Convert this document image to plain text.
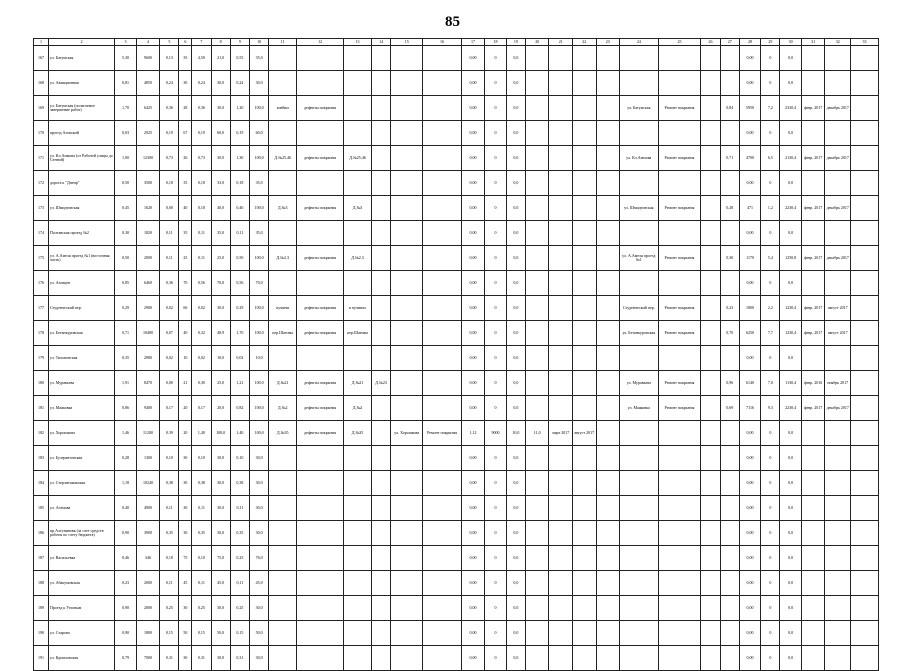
85
1	2	3	4	5	6	7	8	9	10	11	12	13	14	15	16	17	18	19	20	21	22	23	24	25	26	27	28	29	30	31	32	33
167	ул. Батумская	5,30	9600	0,13	35	4,50	21,0	0,55	35,0							0,00	0	0,0									0,00	0	0,0			
168	ул. Авиационная	0,81	4850	0,24	30	0,24	30,0	0,24	30,0							0,00	0	0,0									0,00	0	0,0			
169	ул. Батумская (полагаемое завершение работ)	1,70	6425	0,36	28	0,36	30,0	1,20	100,0	ячейки	дефекты покрытия					0,00	0	0,0					ул. Батумская	Ремонт покрытия		0,84	5950	7,2	2330,4	февр. 2017	декабрь 2017	
170	проезд Азовский	0,03	2925	0,19	67	0,19	60,0	0,19	60,0							0,00	0	0,0									0,00	0	0,0			
171	ул. Кл.Аммова (от Рабочей улицы до Сенной)	1,00	12300	0,73	26	0,73	30,0	1,30	100,0	Д.№25,46	дефекты покрытия	Д.№25,46				0,00	0	0,0					ул. Кл.Аммова	Ремонт покрытия		0,71	4700	6,5	2130,4	февр. 2017	декабрь 2017	
172	дорога к "Днепр"	0,50	3500	0,18	35	0,18	33,0	0,18	35,0							0,00	0	0,0									0,00	0	0,0			
173	ул. Шмидтовская	0,45	1620	0,00	40	0,18	40,0	0,46	100,0	Д.№3	дефекты покрытия	Д.№3				0,00	0	0,0					ул. Шмидтовская	Ремонт покрытия		0,28	471	1,2	2230,4	февр. 2017	декабрь 2017	
174	Полтавская проезд №2	0,30	1820	0,11	35	0,11	35,0	0,11	35,0							0,00	0	0,0									0,00	0	0,0			
175	ул. А.Амеля проезд №1 (восточная часть)	0,50	2000	0,11	25	0,11	25,0	0,50	100,0	Д.№2,3	дефекты покрытия	Д.№2,3				0,00	0	0,0					ул. А.Амеля проезд №1	Ремонт покрытия		0,30	1170	5,4	1250,8	февр. 2017	декабрь 2017	
176	ул. Азовцев	0,85	6460	0,36	70	0,56	70,0	0,56	70,0							0,00	0	0,0									0,00	0	0,0			
177	Студенческий пер.	0,29	2900	0,02	66	0,02	30,0	0,29	100,0	пучины	дефекты покрытия	в пучинах				0,00	0	0,0					Студенческий пер.	Ремонт покрытия		0,23	1800	2,2	1230,4	февр. 2017	август 2017	
178	ул. Бетанкуровская	0,71	10480	0,07	40	0,32	48,9	1,70	100,0	пер.Шатовы	дефекты покрытия	пер.Шатовы				0,00	0	0,0					ул. Бетанкуровская	Ремонт покрытия		0,70	6250	7,7	1230,4	февр. 2017	август 2017	
179	ул. Тихоновская	0,35	2980	0,02	10	0,02	10,0	0,02	10,0							0,00	0	0,0									0,00	0	0,0			
180	ул. Муравьева	1,91	8470	0,00	21	0,30	25,0	1,21	100,0	Д.№21	дефекты покрытия	Д.№21	Д.№23			0,00	0	0,0					ул. Муравьева	Ремонт покрытия		0,96	6140	7,0	1130,4	февр. 2016	ноябрь 2017	
181	ул. Маяковка	0,86	9400	0,17	20	0,17	20,0	0,82	100,0	Д.№2	дефекты покрытия	Д.№2				0,00	0	0,0					ул. Маяковка	Ремонт покрытия		0,69	7116	9,3	2230,4	февр. 2017	декабрь 2017	
182	ул. Хорошкова	1,46	11200	0,39	20	1,40	100,0	1,40	100,0	Д.№35	дефекты покрытия	Д.№35		ул. Хорошкова	Ремонт покрытия	1,12	9000	10,0	11,0	март 2017	август 2017						0,00	0	0,0			
183	ул. Бузерантовская	0,28	1300	0,10	30	0,10	30,0	0,10	30,0							0,00	0	0,0									0,00	0	0,0			
184	ул. Стерлитамакская	1,18	10240	0,38	30	0,38	30,0	0,38	30,0							0,00	0	0,0									0,00	0	0,0			
185	ул. Агамова	0,40	4900	0,11	30	0,11	30,0	0,11	30,0							0,00	0	0,0									0,00	0	0,0			
186	пр.Алтуняновк (за счет средств работы по счету бюджета)	0,90	3900	0,35	30	0,35	30,0	0,35	30,0							0,00	0	0,0									0,00	0	0,0			
187	ул. Васильевка	0,46	346	0,18	75	0,10	75,0	0,25	76,0							0,00	0	0,0									0,00	0	0,0			
188	ул. Абакумовская	0,23	2000	0,11	45	0,11	45,0	0,11	45,0							0,00	0	0,0									0,00	0	0,0			
189	Проезд к Угловым	0,90	2000	0,25	30	0,25	30,0	0,25	30,0							0,00	0	0,0									0,00	0	0,0			
190	ул. Старова	0,90	1800	0,15	50	0,15	50,0	0,15	50,0							0,00	0	0,0									0,00	0	0,0			
191	ул. Кромловская	0,79	7000	0,31	30	0,31	30,0	0,31	30,0							0,00	0	0,0									0,00	0	0,0			
